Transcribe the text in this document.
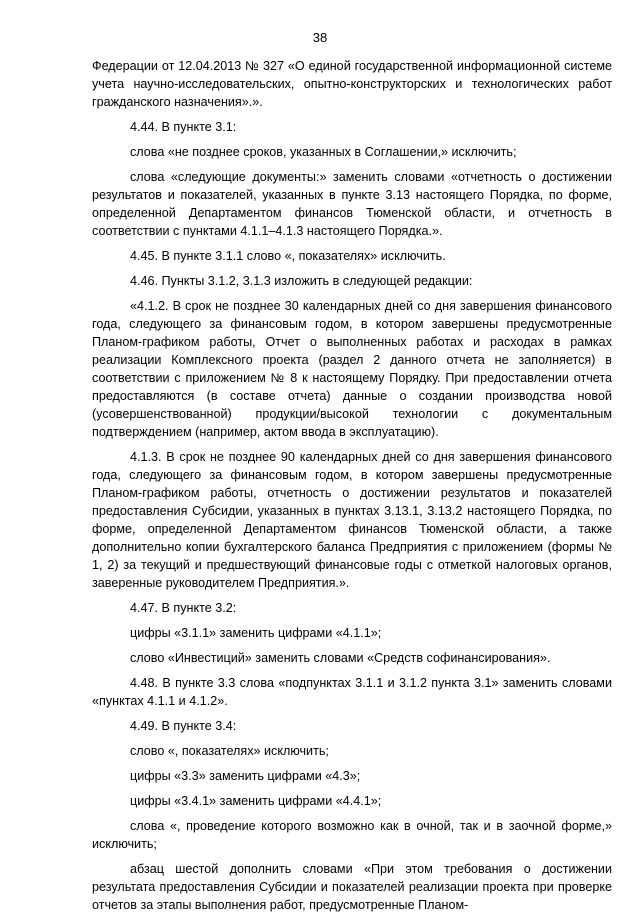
38

Федерации от 12.04.2013 № 327 «О единой государственной информационной системе учета научно-исследовательских, опытно-конструкторских и технологических работ гражданского назначения».».

4.44. В пункте 3.1:

слова «не позднее сроков, указанных в Соглашении,» исключить;

слова «следующие документы:» заменить словами «отчетность о достижении результатов и показателей, указанных в пункте 3.13 настоящего Порядка, по форме, определенной Департаментом финансов Тюменской области, и отчетность в соответствии с пунктами 4.1.1–4.1.3 настоящего Порядка.».

4.45. В пункте 3.1.1 слово «, показателях» исключить.

4.46. Пункты 3.1.2, 3.1.3 изложить в следующей редакции:

«4.1.2. В срок не позднее 30 календарных дней со дня завершения финансового года, следующего за финансовым годом, в котором завершены предусмотренные Планом-графиком работы, Отчет о выполненных работах и расходах в рамках реализации Комплексного проекта (раздел 2 данного отчета не заполняется) в соответствии с приложением № 8 к настоящему Порядку. При предоставлении отчета предоставляются (в составе отчета) данные о создании производства новой (усовершенствованной) продукции/высокой технологии с документальным подтверждением (например, актом ввода в эксплуатацию).

4.1.3. В срок не позднее 90 календарных дней со дня завершения финансового года, следующего за финансовым годом, в котором завершены предусмотренные Планом-графиком работы, отчетность о достижении результатов и показателей предоставления Субсидии, указанных в пунктах 3.13.1, 3.13.2 настоящего Порядка, по форме, определенной Департаментом финансов Тюменской области, а также дополнительно копии бухгалтерского баланса Предприятия с приложением (формы № 1, 2) за текущий и предшествующий финансовые годы с отметкой налоговых органов, заверенные руководителем Предприятия.».

4.47. В пункте 3.2:

цифры «3.1.1» заменить цифрами «4.1.1»;

слово «Инвестиций» заменить словами «Средств софинансирования».

4.48. В пункте 3.3 слова «подпунктах 3.1.1 и 3.1.2 пункта 3.1» заменить словами «пунктах 4.1.1 и 4.1.2».

4.49. В пункте 3.4:

слово «, показателях» исключить;

цифры «3.3» заменить цифрами «4.3»;

цифры «3.4.1» заменить цифрами «4.4.1»;

слова «, проведение которого возможно как в очной, так и в заочной форме,» исключить;

абзац шестой дополнить словами «При этом требования о достижении результата предоставления Субсидии и показателей реализации проекта при проверке отчетов за этапы выполнения работ, предусмотренные Планом-
